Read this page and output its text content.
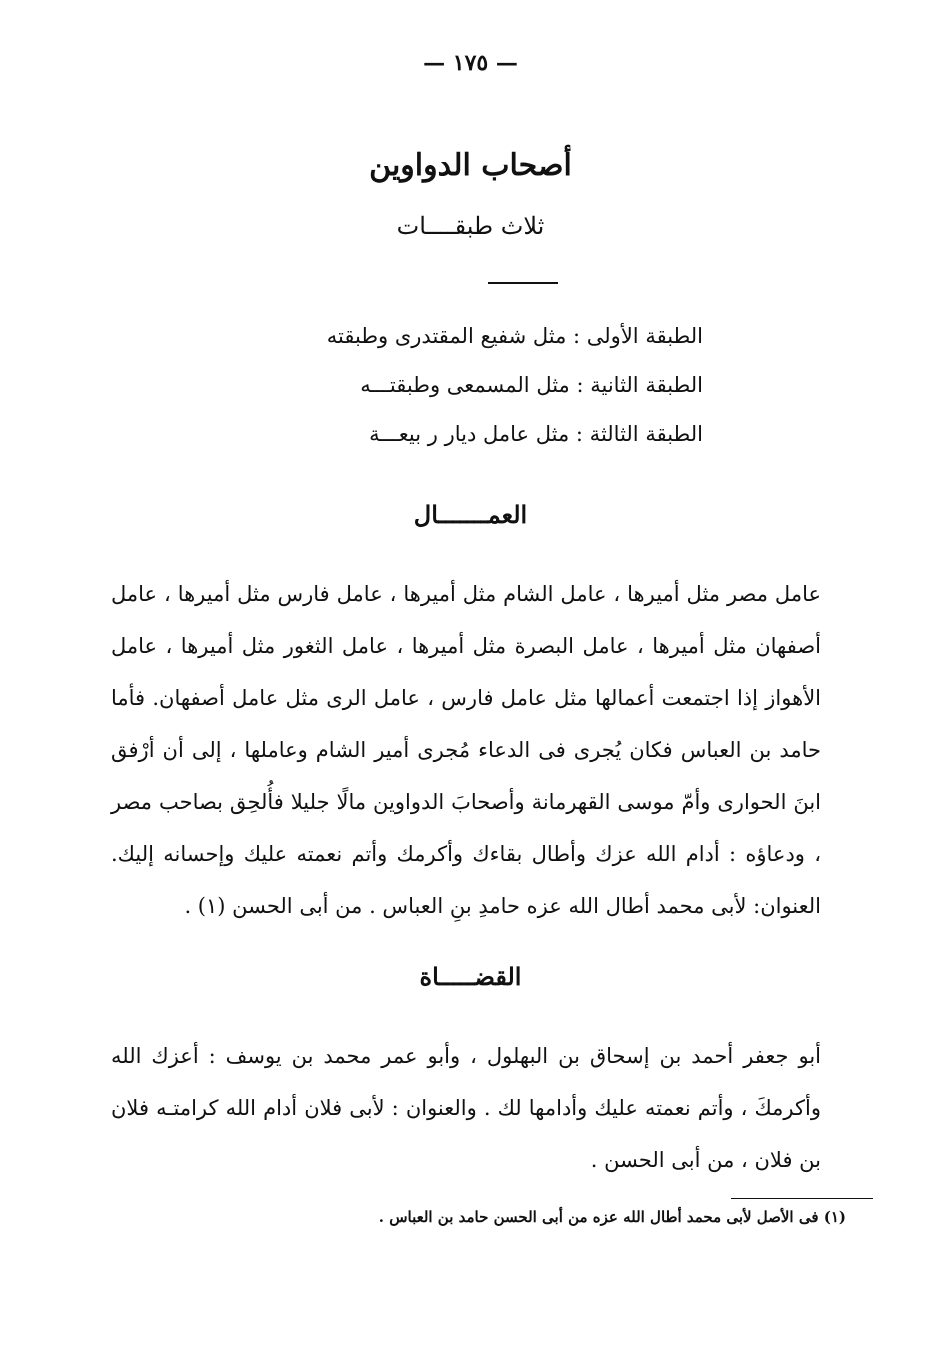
— ١٧٥ —
أصحاب الدواوين
ثلاث طبقــــات
الطبقة الأولى : مثل شفيع المقتدرى وطبقته
الطبقة الثانية : مثل المسمعى وطبقتـــه
الطبقة الثالثة : مثل عامل ديار ر بيعـــة
العمـــــــال
عامل مصر مثل أميرها ، عامل الشام مثل أميرها ، عامل فارس مثل أميرها ، عامل أصفهان مثل أميرها ، عامل البصرة مثل أميرها ، عامل الثغور مثل أميرها ، عامل الأهواز إذا اجتمعت أعمالها مثل عامل فارس ، عامل الرى مثل عامل أصفهان. فأما حامد بن العباس فكان يُجرى فى الدعاء مُجرى أمير الشام وعاملها ، إلى أن أرْفق ابنَ الحوارى وأمّ موسى القهرمانة وأصحابَ الدواوين مالًا جليلا فأُلحِق بصاحب مصر ، ودعاؤه : أدام الله عزك وأطال بقاءك وأكرمك وأتم نعمته عليك وإحسانه إليك. العنوان: لأبى محمد أطال الله عزه حامدِ بنِ العباس . من أبى الحسن (١) .
القضـــــاة
أبو جعفر أحمد بن إسحاق بن البهلول ، وأبو عمر محمد بن يوسف : أعزك الله وأكرمكَ ، وأتم نعمته عليك وأدامها لك . والعنوان : لأبى فلان أدام الله كرامتـه فلان بن فلان ، من أبى الحسن .
(١) فى الأصل لأبى محمد أطال الله عزه من أبى الحسن حامد بن العباس .
